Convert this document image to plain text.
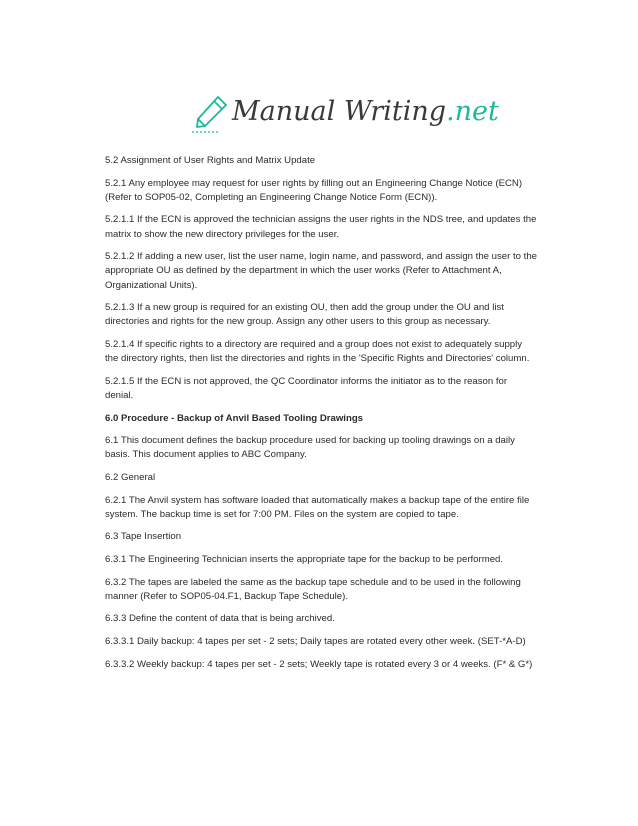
Manual Writing.net

5.2 Assignment of User Rights and Matrix Update

5.2.1 Any employee may request for user rights by filling out an Engineering Change Notice (ECN) (Refer to SOP05-02, Completing an Engineering Change Notice Form (ECN)).

5.2.1.1 If the ECN is approved the technician assigns the user rights in the NDS tree, and updates the matrix to show the new directory privileges for the user.

5.2.1.2 If adding a new user, list the user name, login name, and password, and assign the user to the appropriate OU as defined by the department in which the user works (Refer to Attachment A, Organizational Units).

5.2.1.3 If a new group is required for an existing OU, then add the group under the OU and list directories and rights for the new group. Assign any other users to this group as necessary.

5.2.1.4 If specific rights to a directory are required and a group does not exist to adequately supply the directory rights, then list the directories and rights in the 'Specific Rights and Directories' column.

5.2.1.5 If the ECN is not approved, the QC Coordinator informs the initiator as to the reason for denial.

6.0 Procedure - Backup of Anvil Based Tooling Drawings

6.1 This document defines the backup procedure used for backing up tooling drawings on a daily basis. This document applies to ABC Company.

6.2 General

6.2.1 The Anvil system has software loaded that automatically makes a backup tape of the entire file system. The backup time is set for 7:00 PM. Files on the system are copied to tape.

6.3 Tape Insertion

6.3.1 The Engineering Technician inserts the appropriate tape for the backup to be performed.

6.3.2 The tapes are labeled the same as the backup tape schedule and to be used in the following manner (Refer to SOP05-04.F1, Backup Tape Schedule).

6.3.3 Define the content of data that is being archived.

6.3.3.1 Daily backup: 4 tapes per set - 2 sets; Daily tapes are rotated every other week. (SET-*A-D)

6.3.3.2 Weekly backup: 4 tapes per set - 2 sets; Weekly tape is rotated every 3 or 4 weeks. (F* & G*)
